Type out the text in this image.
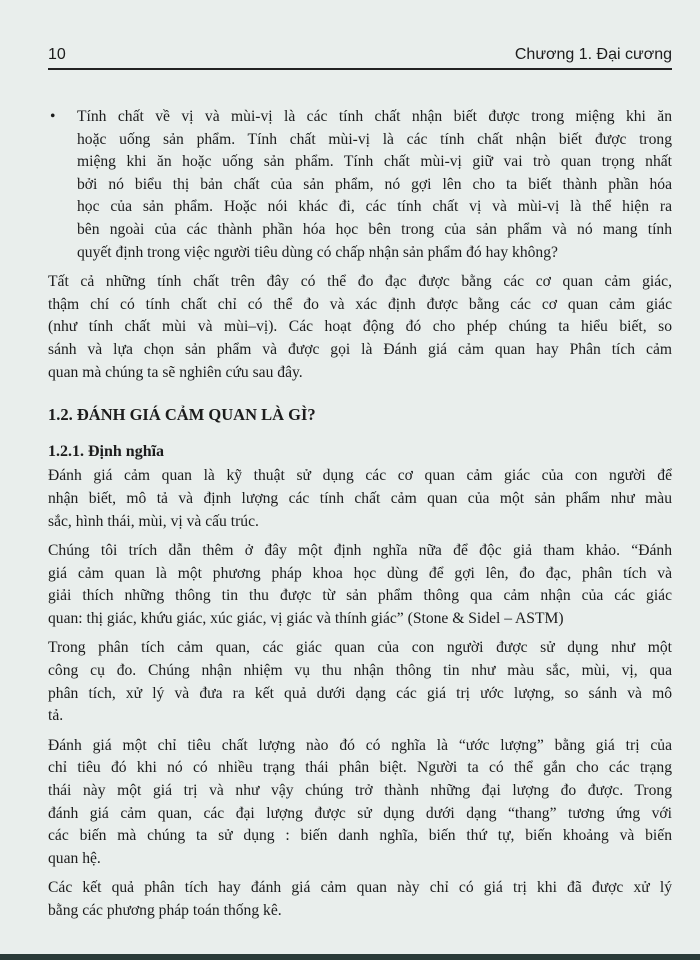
10	Chương 1. Đại cương
• Tính chất về vị và mùi-vị là các tính chất nhận biết được trong miệng khi ăn
hoặc uống sản phẩm. Tính chất mùi-vị là các tính chất nhận biết được trong
miệng khi ăn hoặc uống sản phẩm. Tính chất mùi-vị giữ vai trò quan trọng nhất
bởi nó biểu thị bản chất của sản phẩm, nó gợi lên cho ta biết thành phần hóa
học của sản phẩm. Hoặc nói khác đi, các tính chất vị và mùi-vị là thể hiện ra
bên ngoài của các thành phần hóa học bên trong của sản phẩm và nó mang tính
quyết định trong việc người tiêu dùng có chấp nhận sản phẩm đó hay không?
Tất cả những tính chất trên đây có thể đo đạc được bằng các cơ quan cảm giác,
thậm chí có tính chất chỉ có thể đo và xác định được bằng các cơ quan cảm giác
(như tính chất mùi và mùi–vị). Các hoạt động đó cho phép chúng ta hiểu biết, so
sánh và lựa chọn sản phẩm và được gọi là Đánh giá cảm quan hay Phân tích cảm
quan mà chúng ta sẽ nghiên cứu sau đây.
1.2. ĐÁNH GIÁ CẢM QUAN LÀ GÌ?
1.2.1. Định nghĩa
Đánh giá cảm quan là kỹ thuật sử dụng các cơ quan cảm giác của con người để
nhận biết, mô tả và định lượng các tính chất cảm quan của một sản phẩm như màu
sắc, hình thái, mùi, vị và cấu trúc.
Chúng tôi trích dẫn thêm ở đây một định nghĩa nữa để độc giả tham khảo. “Đánh
giá cảm quan là một phương pháp khoa học dùng để gợi lên, đo đạc, phân tích và
giải thích những thông tin thu được từ sản phẩm thông qua cảm nhận của các giác
quan: thị giác, khứu giác, xúc giác, vị giác và thính giác” (Stone & Sidel – ASTM)
Trong phân tích cảm quan, các giác quan của con người được sử dụng như một
công cụ đo. Chúng nhận nhiệm vụ thu nhận thông tin như màu sắc, mùi, vị, qua
phân tích, xử lý và đưa ra kết quả dưới dạng các giá trị ước lượng, so sánh và mô
tả.
Đánh giá một chỉ tiêu chất lượng nào đó có nghĩa là “ước lượng” bằng giá trị của
chỉ tiêu đó khi nó có nhiều trạng thái phân biệt. Người ta có thể gắn cho các trạng
thái này một giá trị và như vậy chúng trở thành những đại lượng đo được. Trong
đánh giá cảm quan, các đại lượng được sử dụng dưới dạng “thang” tương ứng với
các biến mà chúng ta sử dụng : biến danh nghĩa, biến thứ tự, biến khoảng và biến
quan hệ.
Các kết quả phân tích hay đánh giá cảm quan này chỉ có giá trị khi đã được xử lý
bằng các phương pháp toán thống kê.
